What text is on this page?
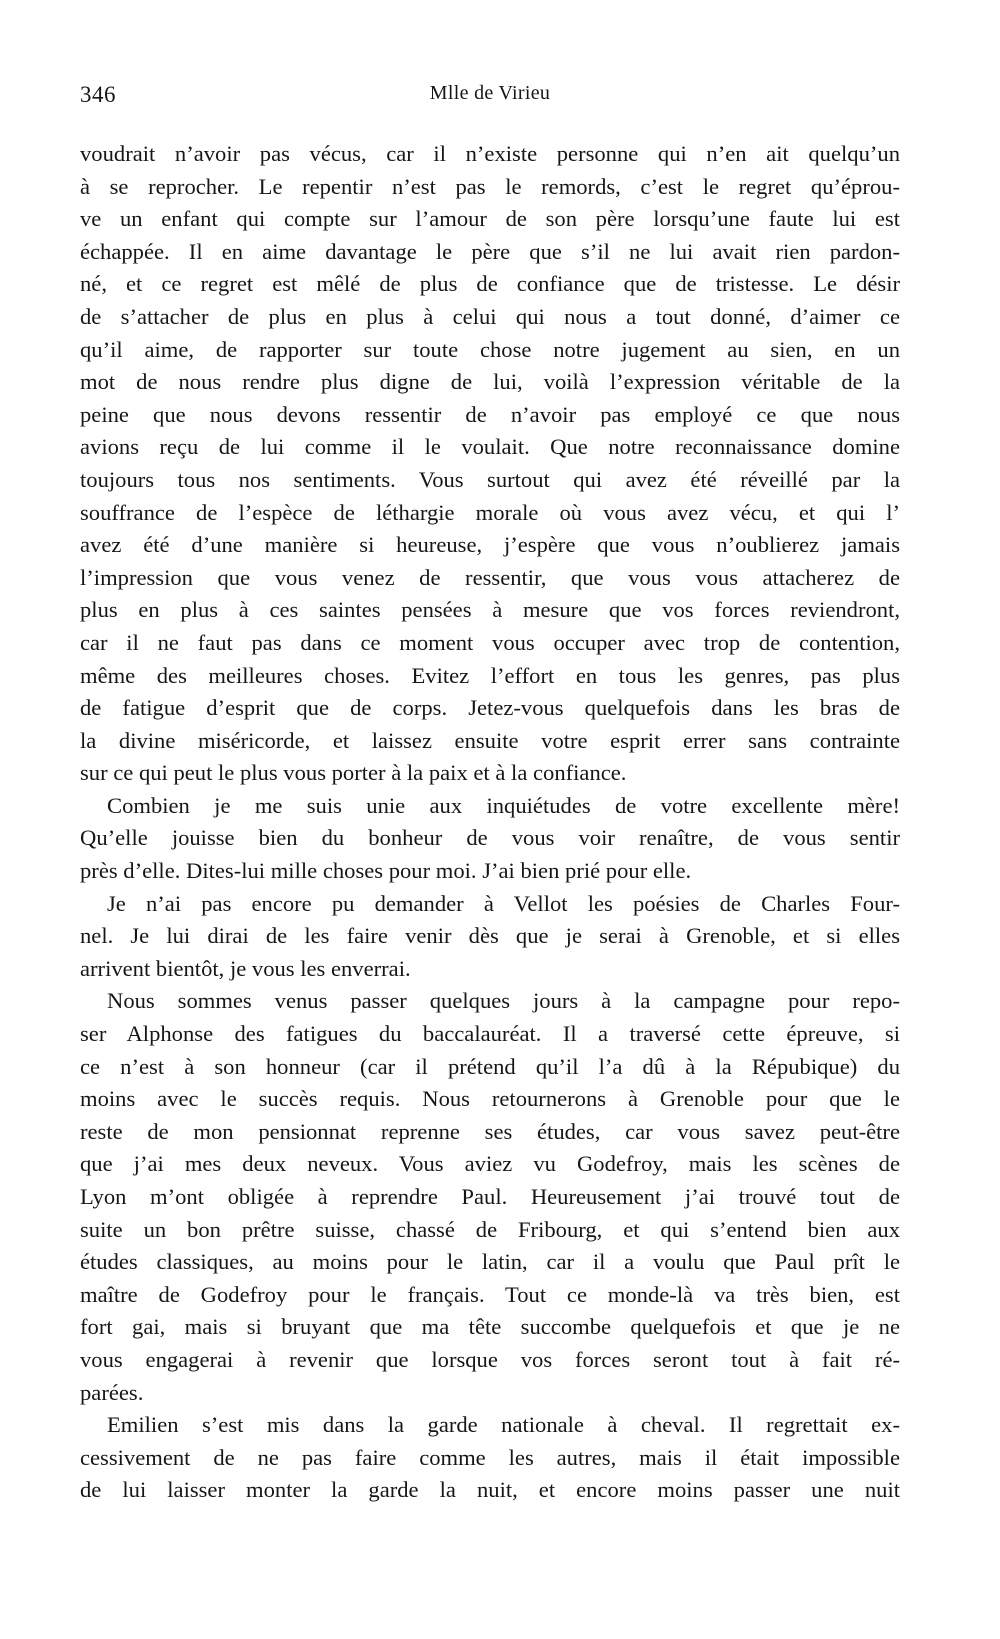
346	Mlle de Virieu
voudrait n’avoir pas vécus, car il n’existe personne qui n’en ait quelqu’un
à se reprocher. Le repentir n’est pas le remords, c’est le regret qu’éprou-
ve un enfant qui compte sur l’amour de son père lorsqu’une faute lui est
échappée. Il en aime davantage le père que s’il ne lui avait rien pardon-
né, et ce regret est mêlé de plus de confiance que de tristesse. Le désir
de s’attacher de plus en plus à celui qui nous a tout donné, d’aimer ce
qu’il aime, de rapporter sur toute chose notre jugement au sien, en un
mot de nous rendre plus digne de lui, voilà l’expression véritable de la
peine que nous devons ressentir de n’avoir pas employé ce que nous
avions reçu de lui comme il le voulait. Que notre reconnaissance domine
toujours tous nos sentiments. Vous surtout qui avez été réveillé par la
souffrance de l’espèce de léthargie morale où vous avez vécu, et qui l’
avez été d’une manière si heureuse, j’espère que vous n’oublierez jamais
l’impression que vous venez de ressentir, que vous vous attacherez de
plus en plus à ces saintes pensées à mesure que vos forces reviendront,
car il ne faut pas dans ce moment vous occuper avec trop de contention,
même des meilleures choses. Evitez l’effort en tous les genres, pas plus
de fatigue d’esprit que de corps. Jetez-vous quelquefois dans les bras de
la divine miséricorde, et laissez ensuite votre esprit errer sans contrainte
sur ce qui peut le plus vous porter à la paix et à la confiance.
Combien je me suis unie aux inquiétudes de votre excellente mère!
Qu’elle jouisse bien du bonheur de vous voir renaître, de vous sentir
près d’elle. Dites-lui mille choses pour moi. J’ai bien prié pour elle.
Je n’ai pas encore pu demander à Vellot les poésies de Charles Four-
nel. Je lui dirai de les faire venir dès que je serai à Grenoble, et si elles
arrivent bientôt, je vous les enverrai.
Nous sommes venus passer quelques jours à la campagne pour repo-
ser Alphonse des fatigues du baccalauréat. Il a traversé cette épreuve, si
ce n’est à son honneur (car il prétend qu’il l’a dû à la Répubique) du
moins avec le succès requis. Nous retournerons à Grenoble pour que le
reste de mon pensionnat reprenne ses études, car vous savez peut-être
que j’ai mes deux neveux. Vous aviez vu Godefroy, mais les scènes de
Lyon m’ont obligée à reprendre Paul. Heureusement j’ai trouvé tout de
suite un bon prêtre suisse, chassé de Fribourg, et qui s’entend bien aux
études classiques, au moins pour le latin, car il a voulu que Paul prît le
maître de Godefroy pour le français. Tout ce monde-là va très bien, est
fort gai, mais si bruyant que ma tête succombe quelquefois et que je ne
vous engagerai à revenir que lorsque vos forces seront tout à fait ré-
parées.
Emilien s’est mis dans la garde nationale à cheval. Il regrettait ex-
cessivement de ne pas faire comme les autres, mais il était impossible
de lui laisser monter la garde la nuit, et encore moins passer une nuit
